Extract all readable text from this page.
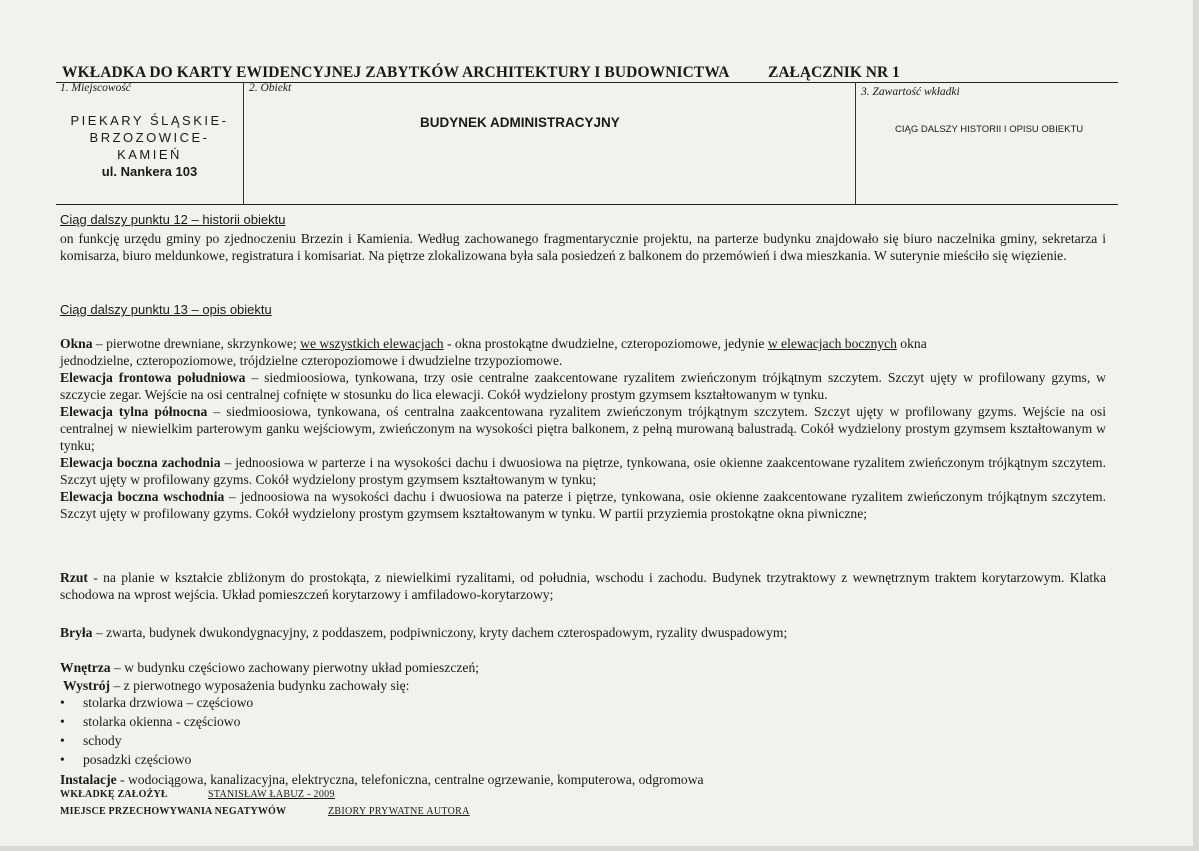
WKŁADKA DO KARTY EWIDENCYJNEJ ZABYTKÓW ARCHITEKTURY I BUDOWNICTWA ZAŁĄCZNIK NR 1
1. Miejscowość
PIEKARY ŚLĄSKIE-
BRZOZOWICE-
KAMIEŃ
ul. Nankera 103
2. Obiekt
BUDYNEK ADMINISTRACYJNY
3. Zawartość wkładki
CIĄG DALSZY HISTORII I OPISU OBIEKTU
Ciąg dalszy punktu 12 – historii obiektu
on funkcję urzędu gminy po zjednoczeniu Brzezin i Kamienia. Według zachowanego fragmentarycznie projektu, na parterze budynku znajdowało się biuro naczelnika gminy, sekretarza i komisarza, biuro meldunkowe, registratura i komisariat. Na piętrze zlokalizowana była sala posiedzeń z balkonem do przemówień i dwa mieszkania. W suterynie mieściło się więzienie.
Ciąg dalszy punktu 13 – opis obiektu
Okna – pierwotne drewniane, skrzynkowe; we wszystkich elewacjach - okna prostokątne dwudzielne, czteropoziomowe, jedynie w elewacjach bocznych okna
jednodzielne, czteropoziomowe, trójdzielne czteropoziomowe i dwudzielne trzypoziomowe.
Elewacja frontowa południowa – siedmioosiowa, tynkowana, trzy osie centralne zaakcentowane ryzalitem zwieńczonym trójkątnym szczytem. Szczyt ujęty w profilowany gzyms, w szczycie zegar. Wejście na osi centralnej cofnięte w stosunku do lica elewacji. Cokół wydzielony prostym gzymsem kształtowanym w tynku.
Elewacja tylna północna – siedmioosiowa, tynkowana, oś centralna zaakcentowana ryzalitem zwieńczonym trójkątnym szczytem. Szczyt ujęty w profilowany gzyms. Wejście na osi centralnej w niewielkim parterowym ganku wejściowym, zwieńczonym na wysokości piętra balkonem, z pełną murowaną balustradą. Cokół wydzielony prostym gzymsem kształtowanym w tynku;
Elewacja boczna zachodnia – jednoosiowa w parterze i na wysokości dachu i dwuosiowa na piętrze, tynkowana, osie okienne zaakcentowane ryzalitem zwieńczonym trójkątnym szczytem. Szczyt ujęty w profilowany gzyms. Cokół wydzielony prostym gzymsem kształtowanym w tynku;
Elewacja boczna wschodnia – jednoosiowa na wysokości dachu i dwuosiowa na paterze i piętrze, tynkowana, osie okienne zaakcentowane ryzalitem zwieńczonym trójkątnym szczytem. Szczyt ujęty w profilowany gzyms. Cokół wydzielony prostym gzymsem kształtowanym w tynku. W partii przyziemia prostokątne okna piwniczne;
Rzut - na planie w kształcie zbliżonym do prostokąta, z niewielkimi ryzalitami, od południa, wschodu i zachodu. Budynek trzytraktowy z wewnętrznym traktem korytarzowym. Klatka schodowa na wprost wejścia. Układ pomieszczeń korytarzowy i amfiladowo-korytarzowy;
Bryła – zwarta, budynek dwukondygnacyjny, z poddaszem, podpiwniczony, kryty dachem czterospadowym, ryzality dwuspadowym;
Wnętrza – w budynku częściowo zachowany pierwotny układ pomieszczeń;
Wystrój – z pierwotnego wyposażenia budynku zachowały się:
• stolarka drzwiowa – częściowo
• stolarka okienna - częściowo
• schody
• posadzki częściowo
Instalacje - wodociągowa, kanalizacyjna, elektryczna, telefoniczna, centralne ogrzewanie, komputerowa, odgromowa
WKŁADKĘ ZAŁOŻYŁ	STANISŁAW ŁABUZ - 2009
MIEJSCE PRZECHOWYWANIA NEGATYWÓW	ZBIORY PRYWATNE AUTORA
